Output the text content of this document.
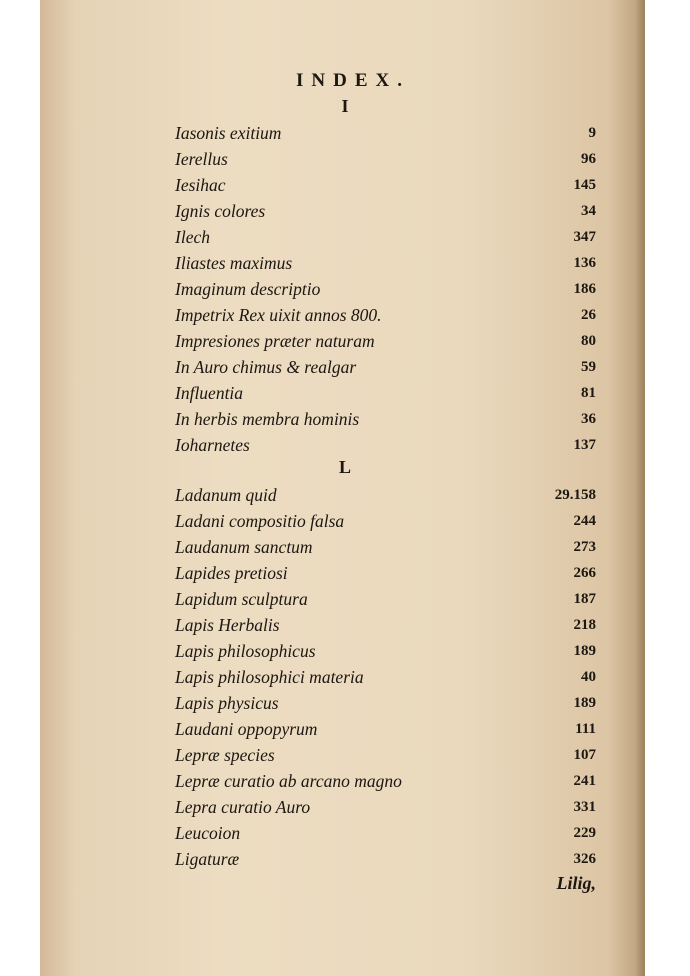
INDEX.
I
Iasonis exitium	9
Ierellus	96
Iesihac	145
Ignis colores	34
Ilech	347
Iliastes maximus	136
Imaginum descriptio	186
Impetrix Rex uixit annos 800.	26
Impresiones præter naturam	80
In Auro chimus & realgar	59
Influentia	81
In herbis membra hominis	36
Ioharnetes	137
L
Ladanum quid	29.158
Ladani compositio falsa	244
Laudanum sanctum	273
Lapides pretiosi	266
Lapidum sculptura	187
Lapis Herbalis	218
Lapis philosophicus	189
Lapis philosophici materia	40
Lapis physicus	189
Laudani oppopyrum	111
Lepræ species	107
Lepræ curatio ab arcano magno	241
Lepra curatio Auro	331
Leucoion	229
Ligaturæ	326
Lilig,
